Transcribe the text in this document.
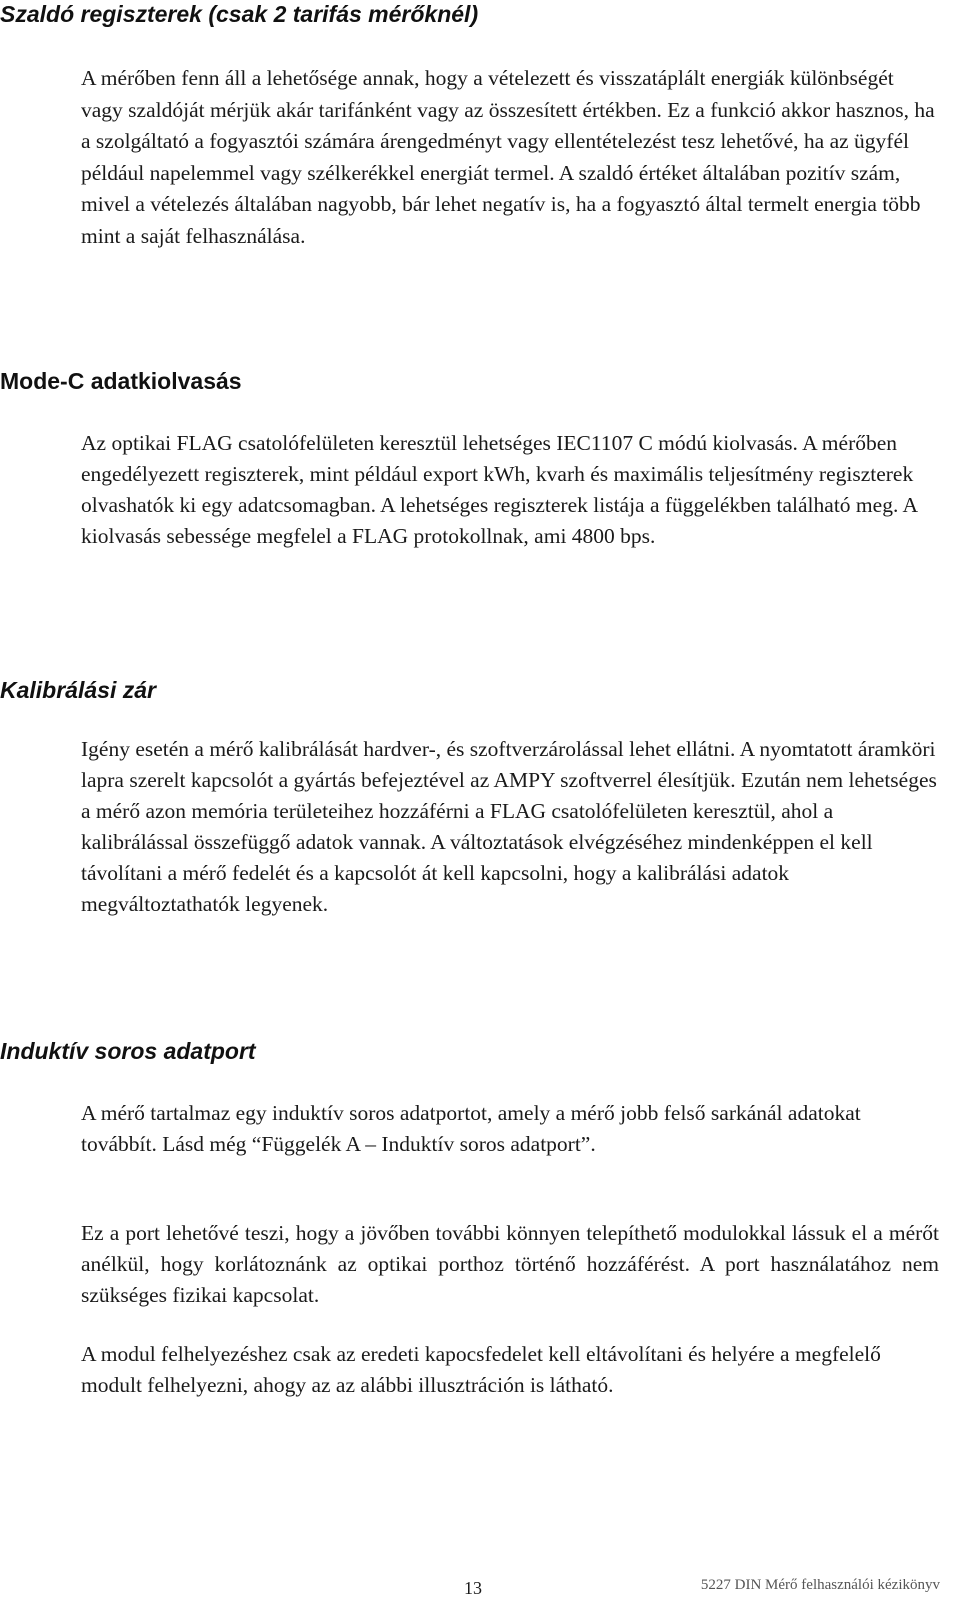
Szaldó regiszterek (csak 2 tarifás mérőknél)

A mérőben fenn áll a lehetősége annak, hogy a vételezett és visszatáplált energiák különbségét vagy szaldóját mérjük akár tarifánként vagy az összesített értékben. Ez a funkció akkor hasznos, ha a szolgáltató a fogyasztói számára árengedményt vagy ellentételezést tesz lehetővé, ha az ügyfél például napelemmel vagy szélkerékkel energiát termel. A szaldó értéket általában pozitív szám, mivel a vételezés általában nagyobb, bár lehet negatív is, ha a fogyasztó által termelt energia több mint a saját felhasználása.

Mode-C adatkiolvasás

Az optikai FLAG csatolófelületen keresztül lehetséges IEC1107 C módú kiolvasás. A mérőben engedélyezett regiszterek, mint például export kWh, kvarh és maximális teljesítmény regiszterek olvashatók ki egy adatcsomagban. A lehetséges regiszterek listája a függelékben található meg. A kiolvasás sebessége megfelel a FLAG protokollnak, ami 4800 bps.

Kalibrálási zár

Igény esetén a mérő kalibrálását hardver-, és szoftverzárolással lehet ellátni. A nyomtatott áramköri lapra szerelt kapcsolót a gyártás befejeztével az AMPY szoftverrel élesítjük. Ezután nem lehetséges a mérő azon memória területeihez hozzáférni a FLAG csatolófelületen keresztül, ahol a kalibrálással összefüggő adatok vannak. A változtatások elvégzéséhez mindenképpen el kell távolítani a mérő fedelét és a kapcsolót át kell kapcsolni, hogy a kalibrálási adatok megváltoztathatók legyenek.

Induktív soros adatport

A mérő tartalmaz egy induktív soros adatportot, amely a mérő jobb felső sarkánál adatokat továbbít. Lásd még “Függelék A – Induktív soros adatport”.

Ez a port lehetővé teszi, hogy a jövőben további könnyen telepíthető modulokkal lássuk el a mérőt anélkül, hogy korlátoznánk az optikai porthoz történő hozzáférést. A port használatához nem szükséges fizikai kapcsolat.

A modul felhelyezéshez csak az eredeti kapocsfedelet kell eltávolítani és helyére a megfelelő modult felhelyezni, ahogy az az alábbi illusztráción is látható.

13	5227 DIN Mérő felhasználói kézikönyv
